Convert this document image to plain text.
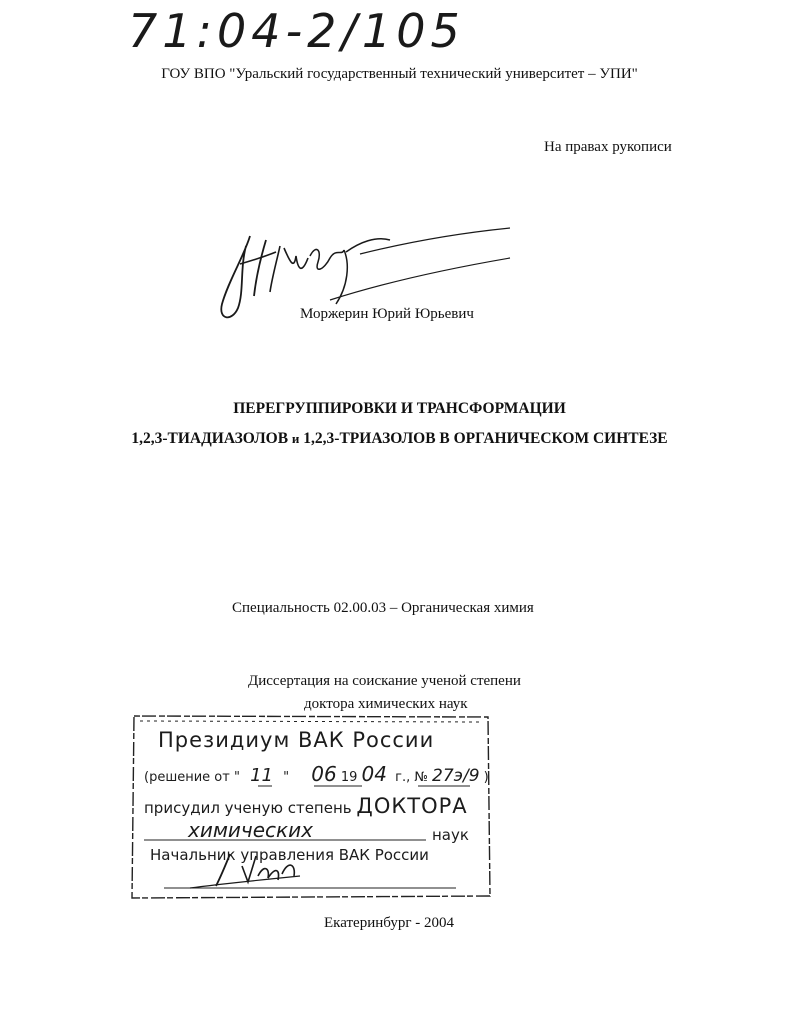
71:04-2/105
ГОУ ВПО "Уральский государственный технический университет – УПИ"
На правах рукописи
Моржерин Юрий Юрьевич
ПЕРЕГРУППИРОВКИ И ТРАНСФОРМАЦИИ
1,2,3-ТИАДИАЗОЛОВ и 1,2,3-ТРИАЗОЛОВ В ОРГАНИЧЕСКОМ СИНТЕЗЕ
Специальность 02.00.03 – Органическая химия
Диссертация на соискание ученой степени
доктора химических наук
Президиум ВАК России
(решение от " 11 " 06 19 04 г., № 27э/9 )
присудил ученую степень ДОКТОРА
химических	наук
Начальник управления ВАК России
Екатеринбург - 2004
